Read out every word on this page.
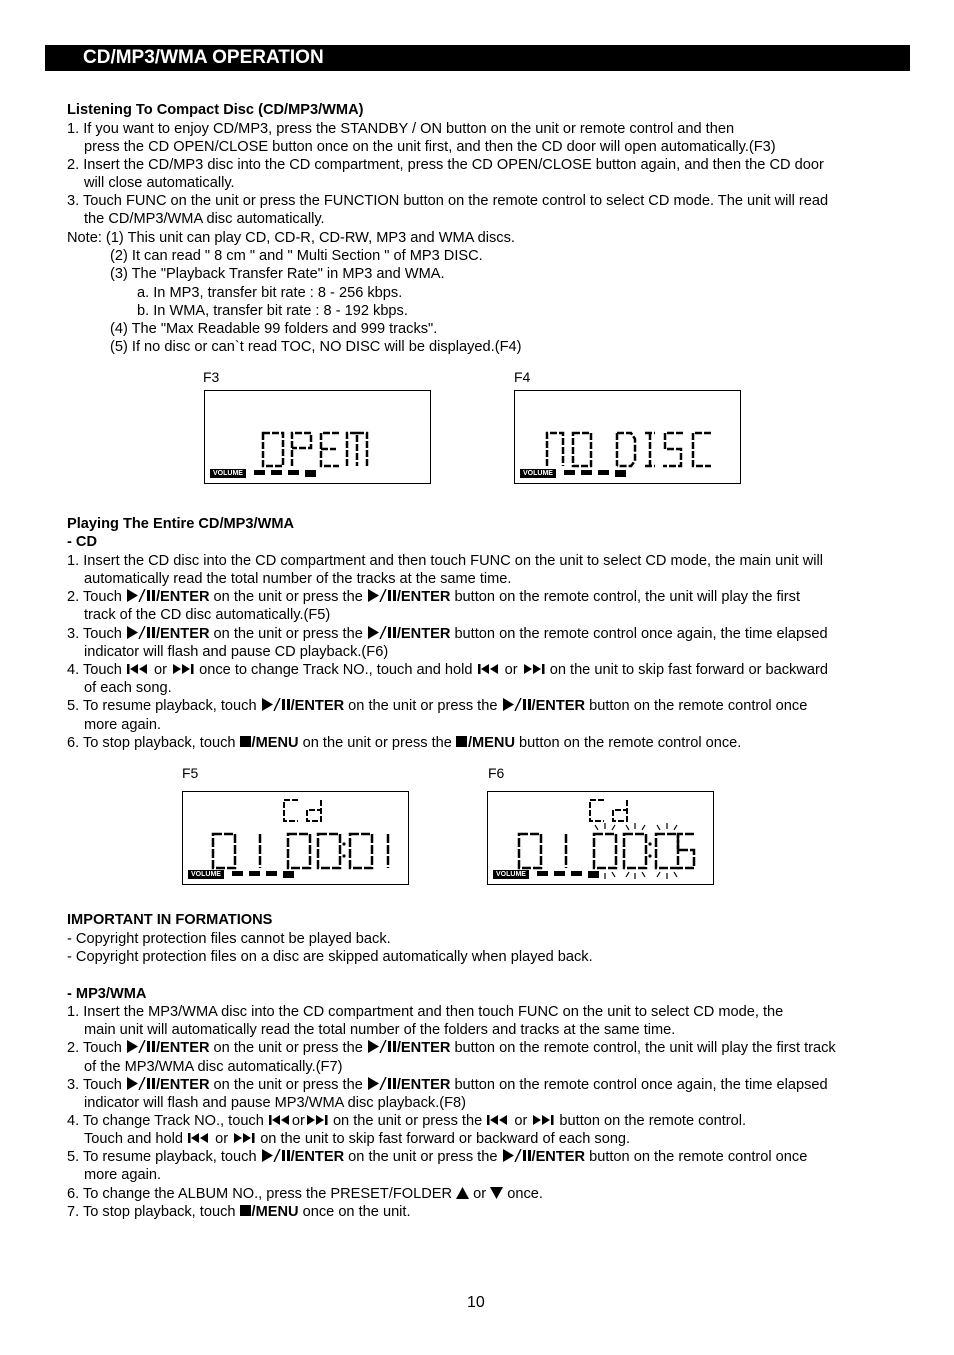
CD/MP3/WMA OPERATION
Listening To Compact Disc (CD/MP3/WMA)
1. If you want to enjoy CD/MP3, press the STANDBY / ON button on the unit or remote control and then
press the CD OPEN/CLOSE button once on the unit first, and then the CD door will open automatically.(F3)
2. Insert the CD/MP3 disc into the CD compartment, press the CD OPEN/CLOSE button again, and then the CD door
will close automatically.
3. Touch FUNC on the unit or press the FUNCTION button on the remote control to select CD mode. The unit will read
the CD/MP3/WMA disc automatically.
Note: (1) This unit can play CD, CD-R, CD-RW, MP3 and WMA discs.
(2) It can read " 8 cm " and " Multi Section " of MP3 DISC.
(3) The "Playback Transfer Rate" in MP3 and WMA.
a. In MP3, transfer bit rate : 8 - 256 kbps.
b. In WMA, transfer bit rate : 8 - 192 kbps.
(4) The "Max Readable 99 folders and 999 tracks".
(5) If no disc or can`t read TOC, NO DISC will be displayed.(F4)
F3
VOLUME
F4
VOLUME
Playing The Entire CD/MP3/WMA
- CD
1. Insert the CD disc into the CD compartment and then touch FUNC on the unit to select CD mode, the main unit will
automatically read the total number of the tracks at the same time.
2. Touch /ENTER on the unit or press the /ENTER button on the remote control, the unit will play the first
track of the CD disc automatically.(F5)
3. Touch /ENTER on the unit or press the /ENTER button on the remote control once again, the time elapsed
indicator will flash and pause CD playback.(F6)
4. Touch  or  once to change Track NO., touch and hold  or  on the unit to skip fast forward or backward
of each song.
5. To resume playback, touch /ENTER on the unit or press the /ENTER button on the remote control once
more again.
6. To stop playback, touch /MENU on the unit or press the /MENU button on the remote control once.
F5
VOLUME
F6
VOLUME
IMPORTANT IN FORMATIONS
- Copyright protection files cannot be played back.
- Copyright protection files on a disc are skipped automatically when played back.
- MP3/WMA
1. Insert the MP3/WMA disc into the CD compartment and then touch FUNC on the unit to select CD mode, the
main unit will automatically read the total number of the folders and tracks at the same time.
2. Touch /ENTER on the unit or press the /ENTER button on the remote control, the unit will play the first track
of the MP3/WMA disc automatically.(F7)
3. Touch /ENTER on the unit or press the /ENTER button on the remote control once again, the time elapsed
indicator will flash and pause MP3/WMA disc playback.(F8)
4. To change Track NO., touch or on the unit or press the  or  button on the remote control.
Touch and hold  or  on the unit to skip fast forward or backward of each song.
5. To resume playback, touch /ENTER on the unit or press the /ENTER button on the remote control once
more again.
6. To change the ALBUM NO., press the PRESET/FOLDER  or  once.
7. To stop playback, touch /MENU once on the unit.
10
